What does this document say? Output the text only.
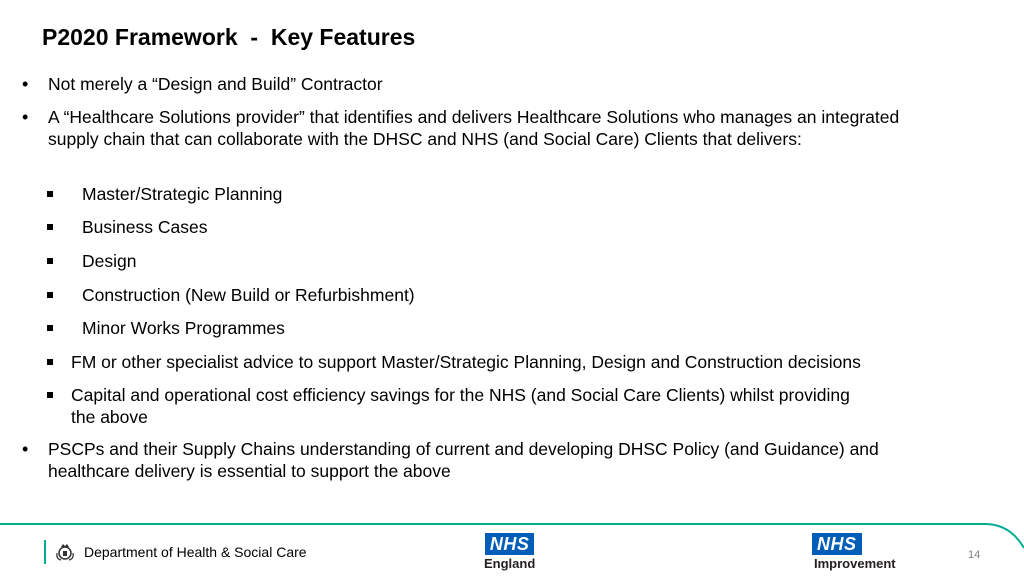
P2020 Framework  -  Key Features
• Not merely a “Design and Build” Contractor
• A “Healthcare Solutions provider” that identifies and delivers Healthcare Solutions who manages an integrated supply chain that can collaborate with the DHSC and NHS (and Social Care) Clients that delivers:
Master/Strategic Planning
Business Cases
Design
Construction (New Build or Refurbishment)
Minor Works Programmes
FM or other specialist advice to support Master/Strategic Planning, Design and Construction decisions
Capital and operational cost efficiency savings for the NHS (and Social Care Clients) whilst providing
the above
• PSCPs and their Supply Chains understanding of current and developing DHSC Policy (and Guidance) and healthcare delivery is essential to support the above
Department of Health & Social Care	NHS
England
NHS
Improvement
14
